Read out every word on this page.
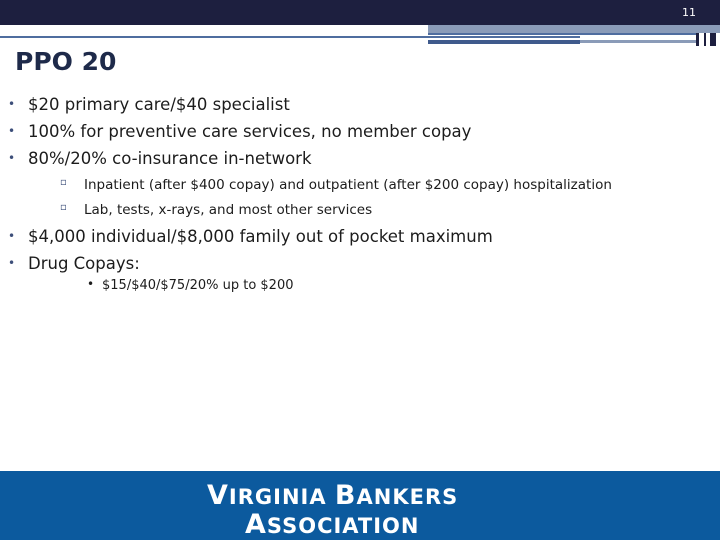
11
PPO 20
• $20 primary care/$40 specialist
• 100% for preventive care services, no member copay
• 80%/20% co-insurance in-network
▫ Inpatient (after $400 copay) and outpatient (after $200 copay) hospitalization
▫ Lab, tests, x-rays, and most other services
• $4,000 individual/$8,000 family out of pocket maximum
• Drug Copays:
• $15/$40/$75/20% up to $200
VIRGINIA BANKERS
ASSOCIATION
